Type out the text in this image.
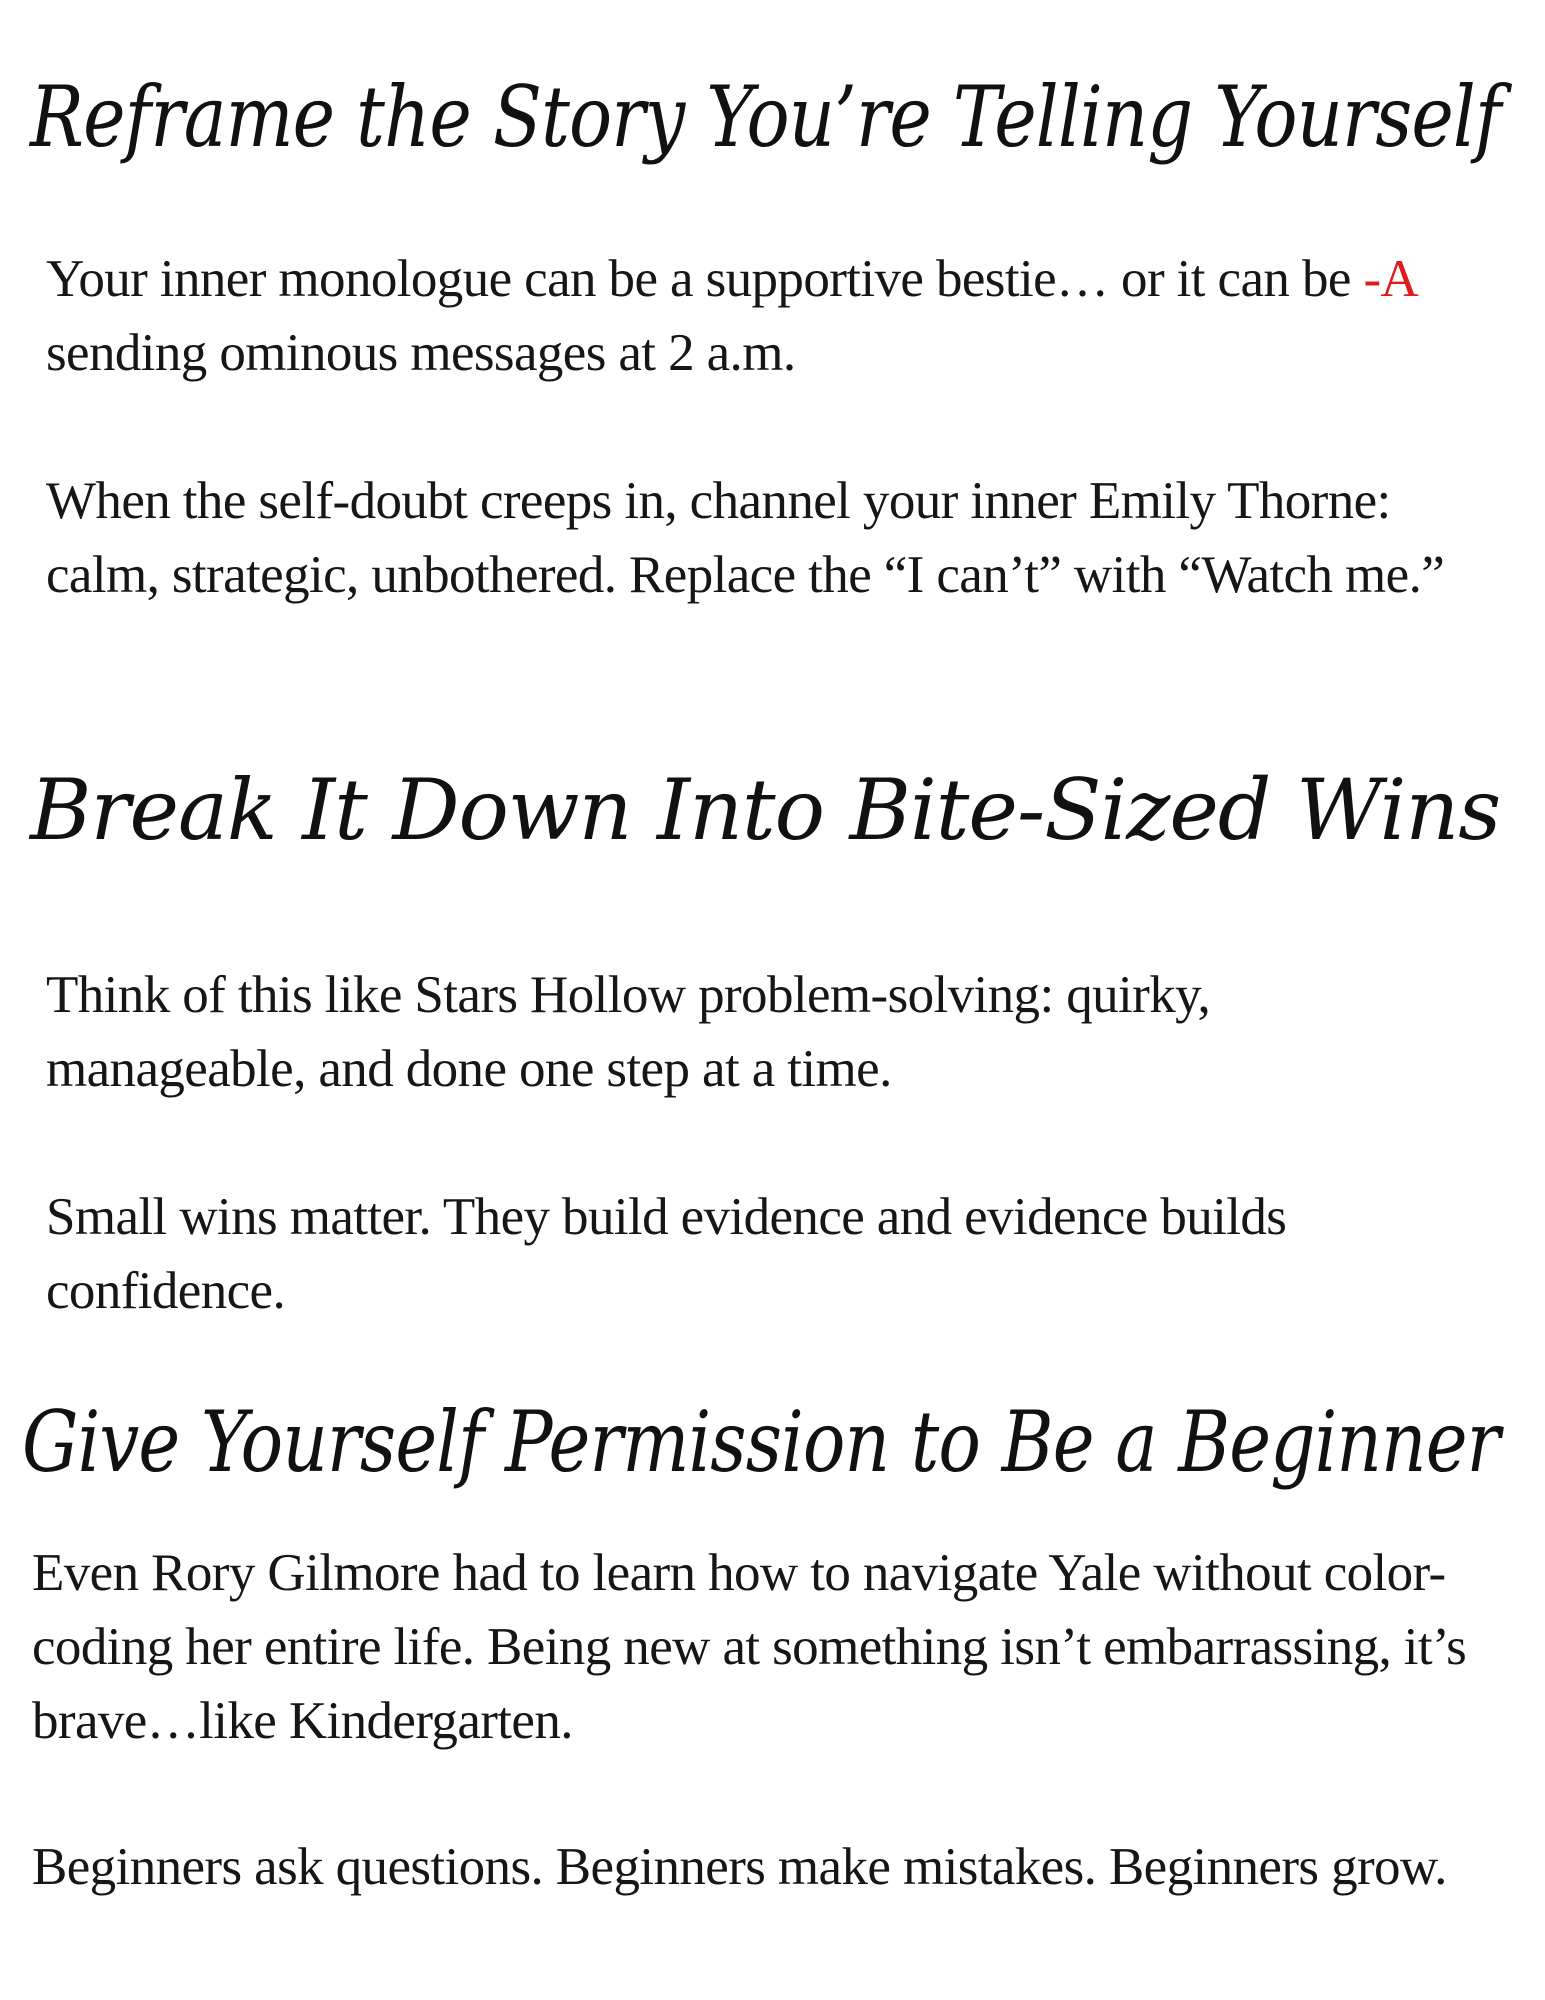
Reframe the Story You’re Telling Yourself

Your inner monologue can be a supportive bestie… or it can be -A sending ominous messages at 2 a.m.

When the self-doubt creeps in, channel your inner Emily Thorne: calm, strategic, unbothered. Replace the “I can’t” with “Watch me.”

Break It Down Into Bite-Sized Wins

Think of this like Stars Hollow problem-solving: quirky, manageable, and done one step at a time.

Small wins matter. They build evidence and evidence builds confidence.

Give Yourself Permission to Be a Beginner

Even Rory Gilmore had to learn how to navigate Yale without color-coding her entire life. Being new at something isn’t embarrassing, it’s brave…like Kindergarten.

Beginners ask questions. Beginners make mistakes. Beginners grow.
